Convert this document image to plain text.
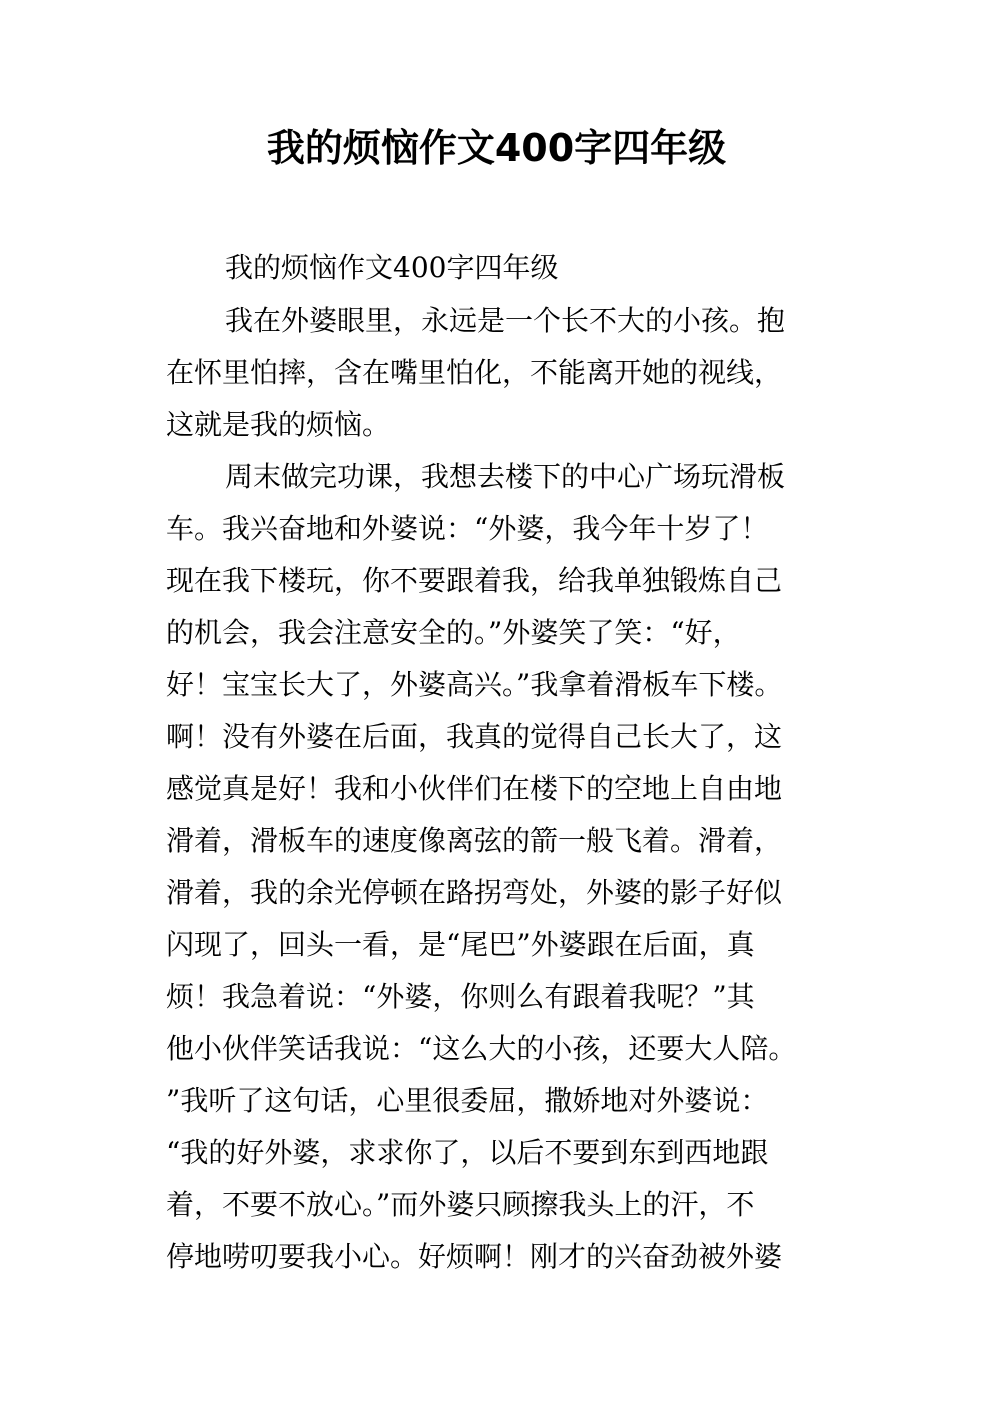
我的烦恼作文400字四年级

我的烦恼作文400字四年级

我在外婆眼里，永远是一个长不大的小孩。抱

在怀里怕摔，含在嘴里怕化，不能离开她的视线，

这就是我的烦恼。

周末做完功课，我想去楼下的中心广场玩滑板

车。我兴奋地和外婆说：“外婆，我今年十岁了！

现在我下楼玩，你不要跟着我，给我单独锻炼自己

的机会，我会注意安全的。”外婆笑了笑：“好，

好！宝宝长大了，外婆高兴。”我拿着滑板车下楼。

啊！没有外婆在后面，我真的觉得自己长大了，这

感觉真是好！我和小伙伴们在楼下的空地上自由地

滑着，滑板车的速度像离弦的箭一般飞着。滑着，

滑着，我的余光停顿在路拐弯处，外婆的影子好似

闪现了，回头一看，是“尾巴”外婆跟在后面，真

烦！我急着说：“外婆，你则么有跟着我呢？”其

他小伙伴笑话我说：“这么大的小孩，还要大人陪。

”我听了这句话，心里很委屈，撒娇地对外婆说：

“我的好外婆，求求你了，以后不要到东到西地跟

着，不要不放心。”而外婆只顾擦我头上的汗，不

停地唠叨要我小心。好烦啊！刚才的兴奋劲被外婆
